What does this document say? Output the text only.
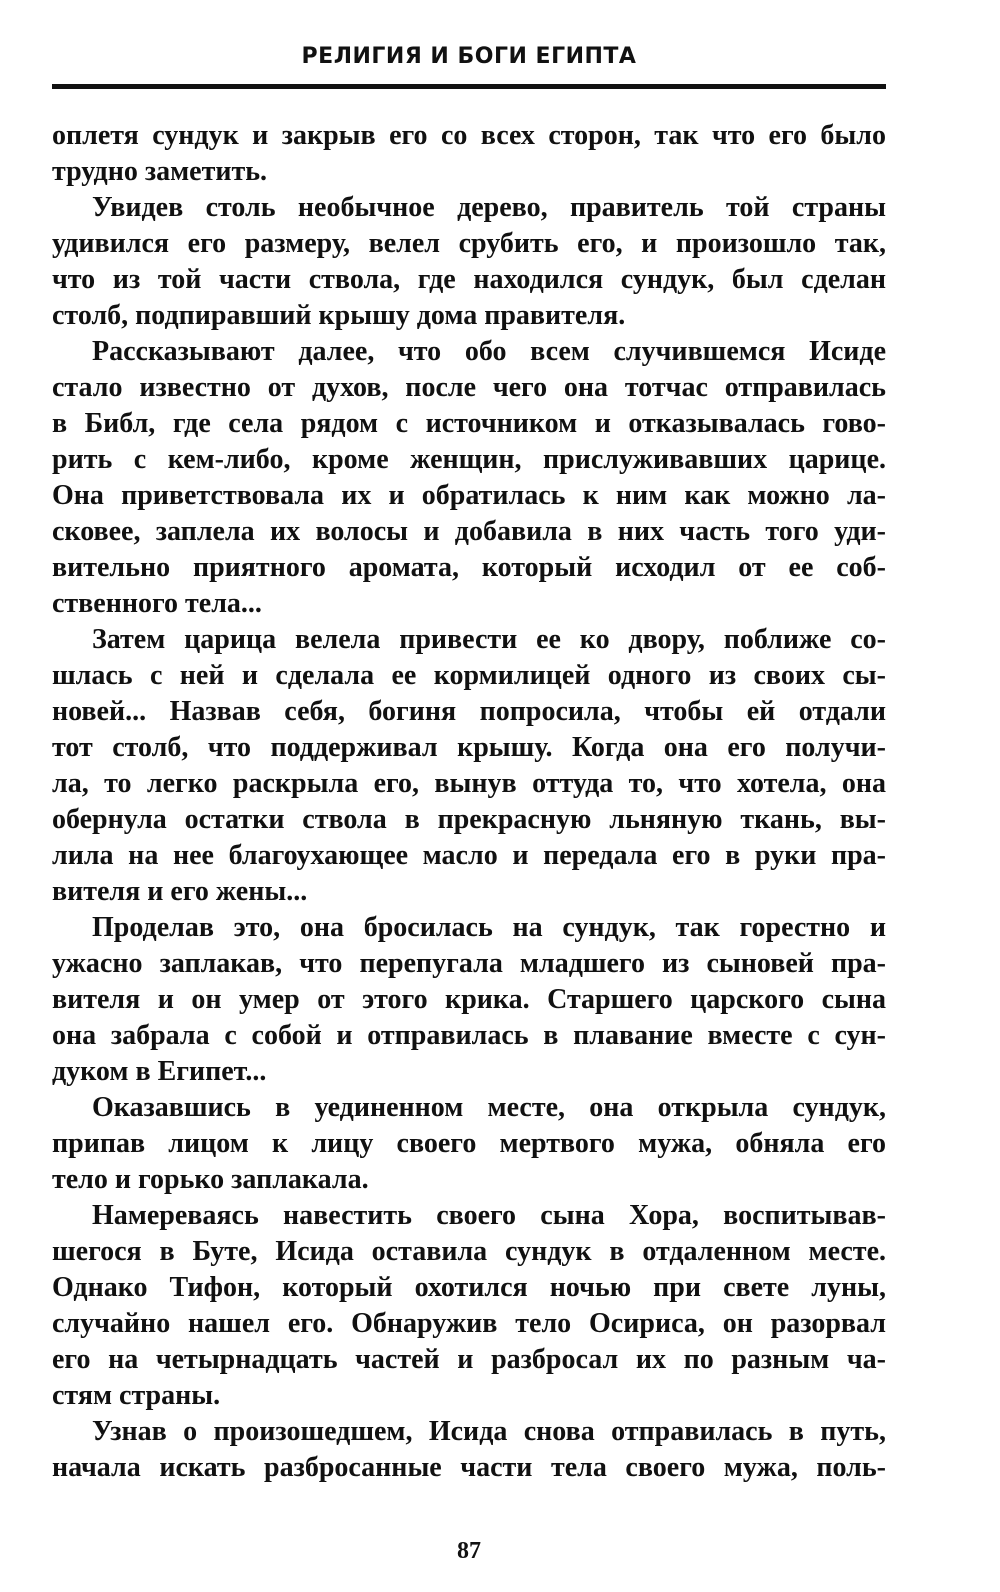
РЕЛИГИЯ И БОГИ ЕГИПТА
оплетя сундук и закрыв его со всех сторон, так что его было
трудно заметить.
Увидев столь необычное дерево, правитель той страны
удивился его размеру, велел срубить его, и произошло так,
что из той части ствола, где находился сундук, был сделан
столб, подпиравший крышу дома правителя.
Рассказывают далее, что обо всем случившемся Исиде
стало известно от духов, после чего она тотчас отправилась
в Библ, где села рядом с источником и отказывалась гово-
рить с кем-либо, кроме женщин, прислуживавших царице.
Она приветствовала их и обратилась к ним как можно ла-
сковее, заплела их волосы и добавила в них часть того уди-
вительно приятного аромата, который исходил от ее соб-
ственного тела...
Затем царица велела привести ее ко двору, поближе со-
шлась с ней и сделала ее кормилицей одного из своих сы-
новей... Назвав себя, богиня попросила, чтобы ей отдали
тот столб, что поддерживал крышу. Когда она его получи-
ла, то легко раскрыла его, вынув оттуда то, что хотела, она
обернула остатки ствола в прекрасную льняную ткань, вы-
лила на нее благоухающее масло и передала его в руки пра-
вителя и его жены...
Проделав это, она бросилась на сундук, так горестно и
ужасно заплакав, что перепугала младшего из сыновей пра-
вителя и он умер от этого крика. Старшего царского сына
она забрала с собой и отправилась в плавание вместе с сун-
дуком в Египет...
Оказавшись в уединенном месте, она открыла сундук,
припав лицом к лицу своего мертвого мужа, обняла его
тело и горько заплакала.
Намереваясь навестить своего сына Хора, воспитывав-
шегося в Буте, Исида оставила сундук в отдаленном месте.
Однако Тифон, который охотился ночью при свете луны,
случайно нашел его. Обнаружив тело Осириса, он разорвал
его на четырнадцать частей и разбросал их по разным ча-
стям страны.
Узнав о произошедшем, Исида снова отправилась в путь,
начала искать разбросанные части тела своего мужа, поль-
87
